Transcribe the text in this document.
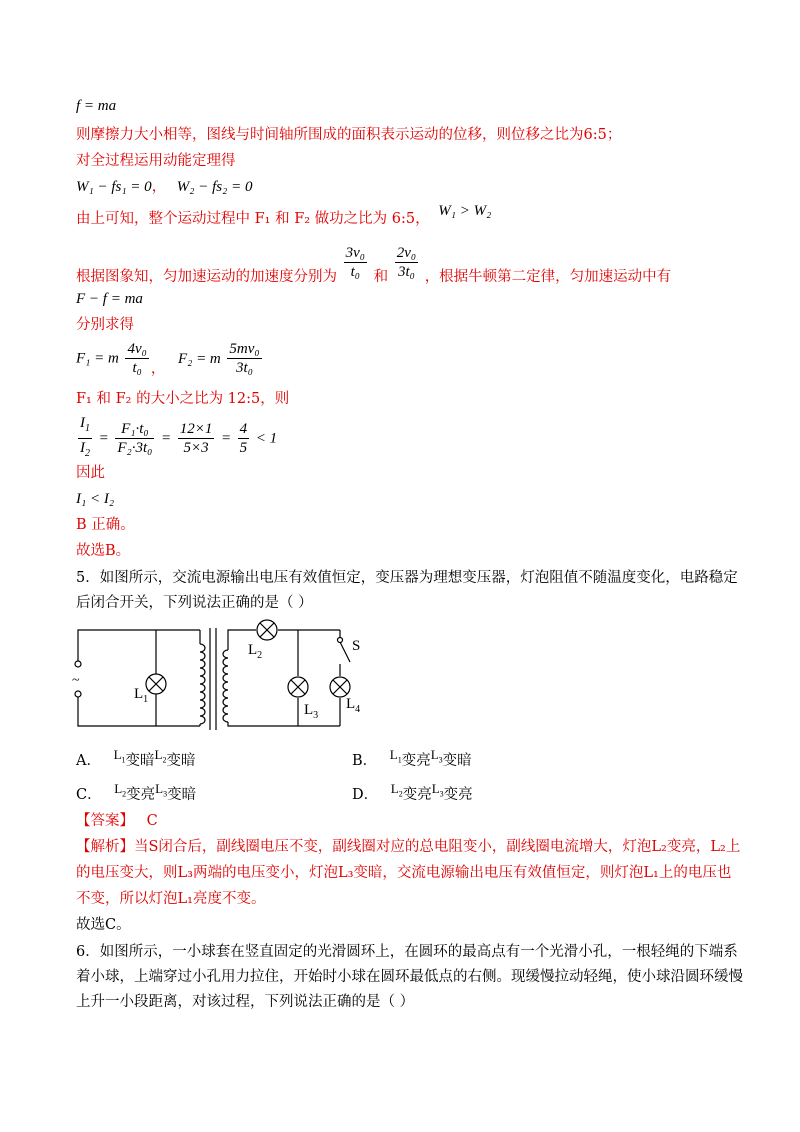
f = ma
则摩擦力大小相等，图线与时间轴所围成的面积表示运动的位移，则位移之比为6:5；
对全过程运用动能定理得
W₁ − fs₁ = 0， W₂ − fs₂ = 0
由上可知，整个运动过程中 F₁ 和 F₂ 做功之比为 6:5， W₁ > W₂
根据图象知，匀加速运动的加速度分别为 $\frac{\text{3v₀}}{\text{t₀}}$ 和 $\frac{\text{2v₀}}{\text{3t₀}}$ ，根据牛顿第二定律，匀加速运动中有
F − f = ma
分别求得
F₁ = m $\frac{\text{4v₀}}{\text{t₀}}$ ， F₂ = m $\frac{\text{5mv₀}}{\text{3t₀}}$
F₁ 和 F₂ 的大小之比为 12:5，则
$\frac{I_1}{I_2} = \frac{\text{F₁·t₀}}{\text{F₂·3t₀}} = \frac{12\times 1}{5\times 3} = \frac{4}{5} < 1$
因此
I₁ < I₂
B 正确。
故选B。
5．如图所示，交流电源输出电压有效值恒定，变压器为理想变压器，灯泡阻值不随温度变化，电路稳定
后闭合开关，下列说法正确的是（ ）
~
S
$L_1$
$L_2$
$L_3$
$L_4$
A． $L_1$变暗$L_2$变暗	B． $L_1$变亮$L_3$变暗
C． $L_2$变亮$L_3$变暗	D． $L_2$变亮$L_3$变亮
【答案】 C
【解析】当S闭合后，副线圈电压不变，副线圈对应的总电阻变小，副线圈电流增大，灯泡L₂变亮，L₂上
的电压变大，则L₃两端的电压变小，灯泡L₃变暗，交流电源输出电压有效值恒定，则灯泡L₁上的电压也
不变，所以灯泡L₁亮度不变。
故选C。
6．如图所示，一小球套在竖直固定的光滑圆环上，在圆环的最高点有一个光滑小孔，一根轻绳的下端系
着小球，上端穿过小孔用力拉住，开始时小球在圆环最低点的右侧。现缓慢拉动轻绳，使小球沿圆环缓慢
上升一小段距离，对该过程，下列说法正确的是（ ）
